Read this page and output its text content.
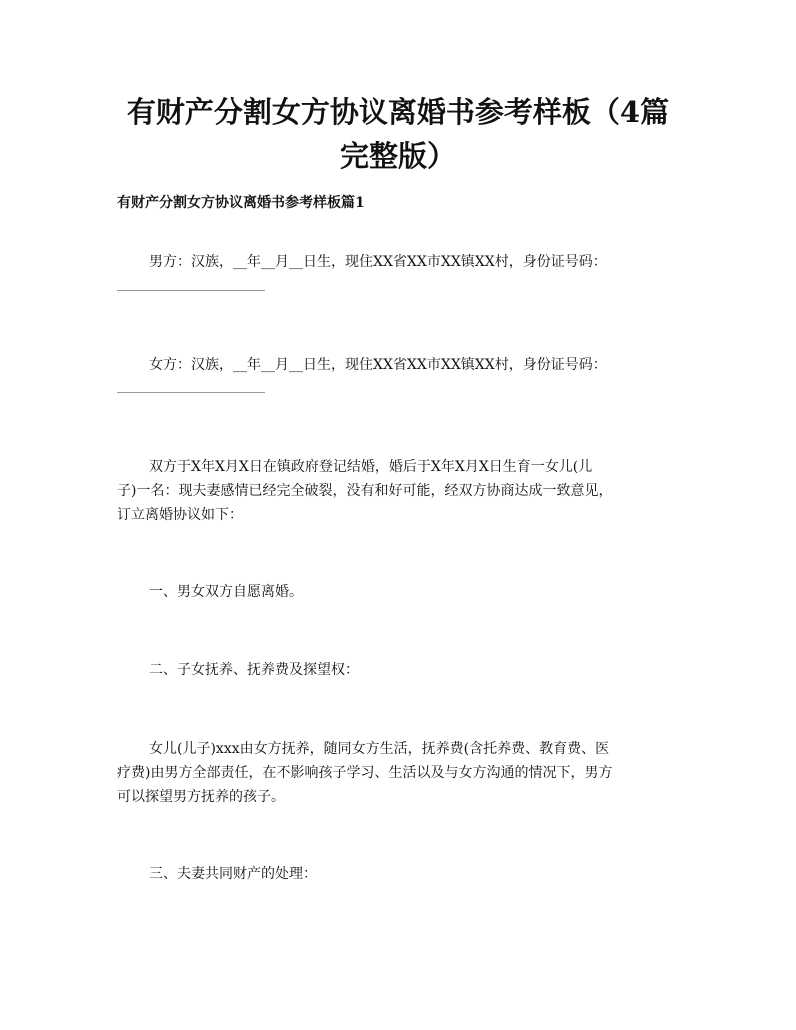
有财产分割女方协议离婚书参考样板（4篇
完整版）

有财产分割女方协议离婚书参考样板篇1

男方：汉族，__年__月__日生，现住XX省XX市XX镇XX村，身份证号码：

女方：汉族，__年__月__日生，现住XX省XX市XX镇XX村，身份证号码：

双方于X年X月X日在镇政府登记结婚，婚后于X年X月X日生育一女儿(儿
子)一名：现夫妻感情已经完全破裂，没有和好可能，经双方协商达成一致意见，
订立离婚协议如下：

一、男女双方自愿离婚。

二、子女抚养、抚养费及探望权：

女儿(儿子)xxx由女方抚养，随同女方生活，抚养费(含托养费、教育费、医
疗费)由男方全部责任，在不影响孩子学习、生活以及与女方沟通的情况下，男方
可以探望男方抚养的孩子。

三、夫妻共同财产的处理：
